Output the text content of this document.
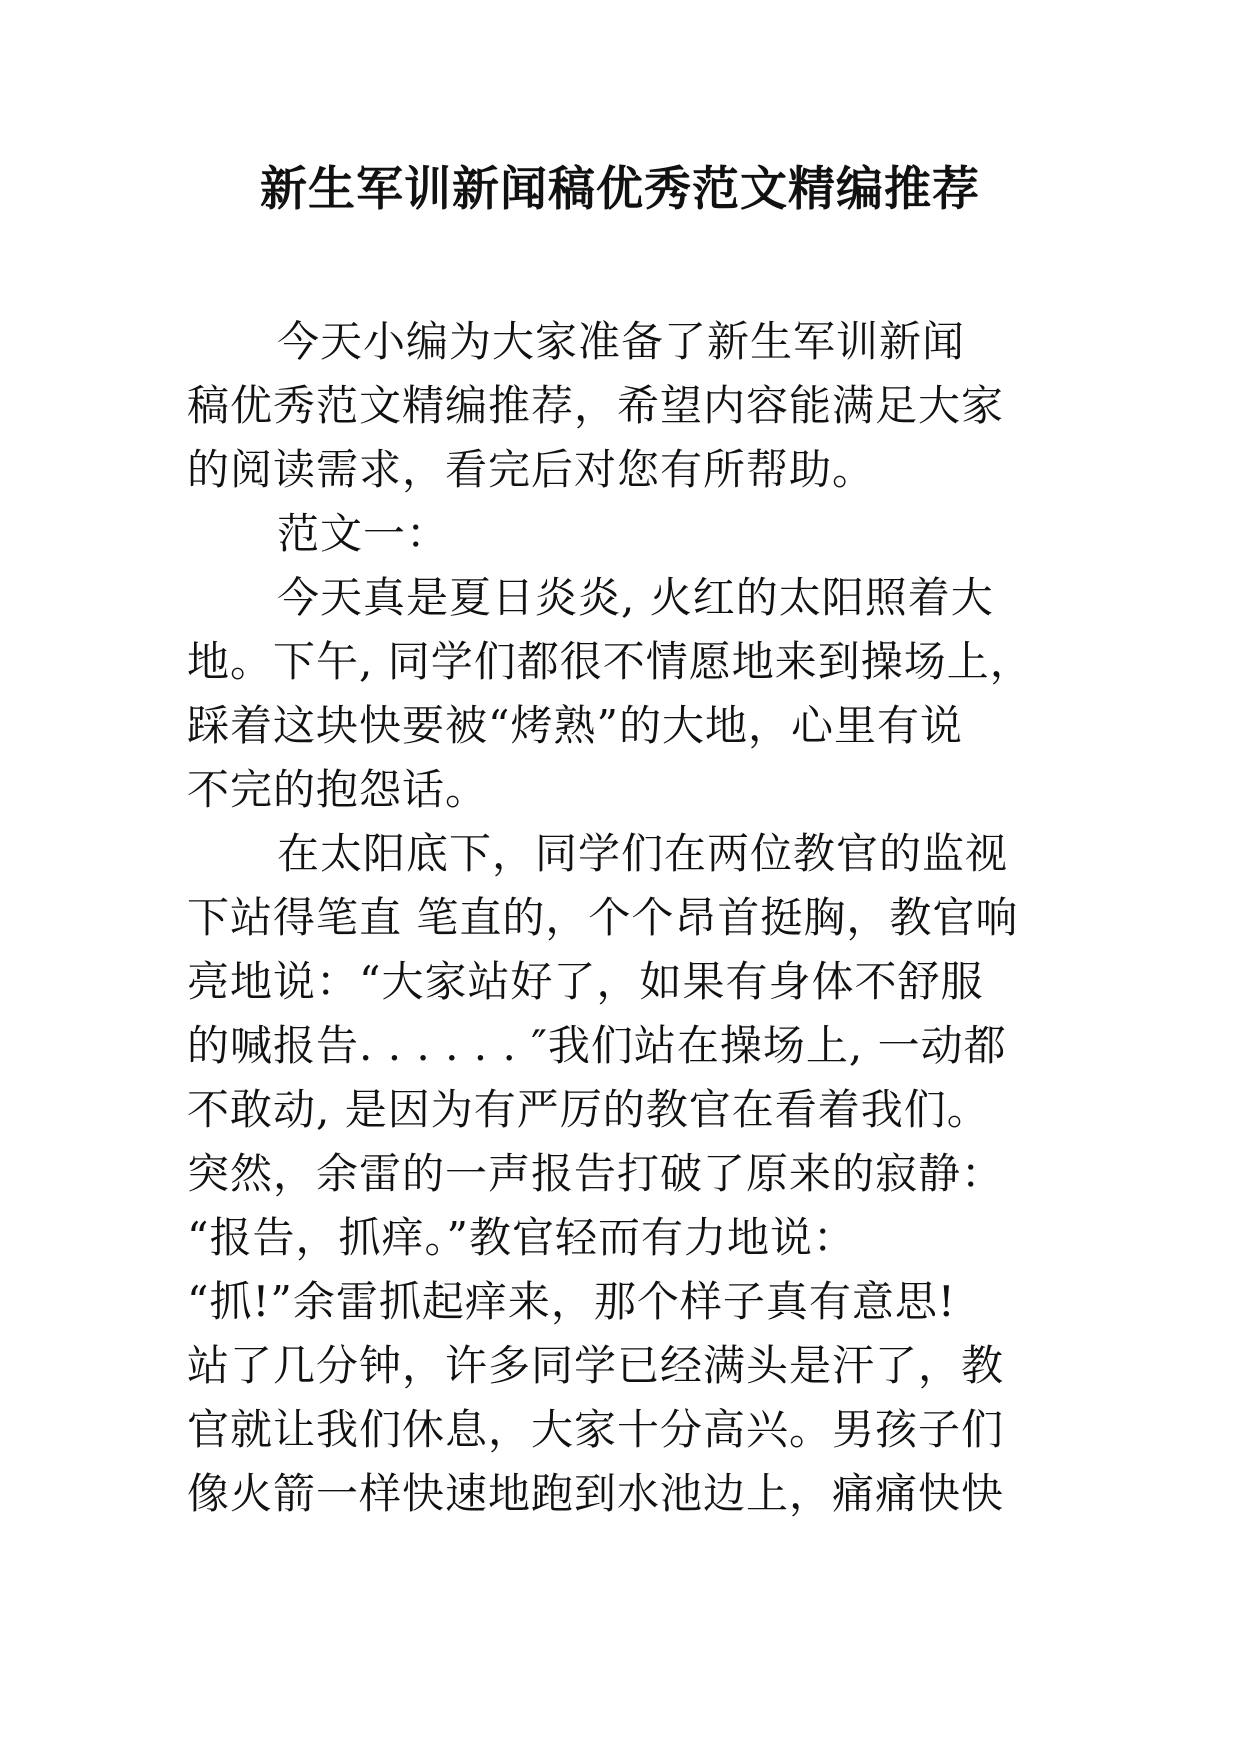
新生军训新闻稿优秀范文精编推荐
今天小编为大家准备了新生军训新闻
稿优秀范文精编推荐，希望内容能满足大家
的阅读需求，看完后对您有所帮助。
范文一：
今天真是夏日炎炎, 火红的太阳照着大
地。下午, 同学们都很不情愿地来到操场上，
踩着这块快要被“烤熟”的大地，心里有说
不完的抱怨话。
在太阳底下，同学们在两位教官的监视
下站得笔直 笔直的，个个昂首挺胸，教官响
亮地说：“大家站好了，如果有身体不舒服
的喊报告. . . . . . ″我们站在操场上, 一动都
不敢动, 是因为有严厉的教官在看着我们。
突然，余雷的一声报告打破了原来的寂静：
“报告，抓痒。”教官轻而有力地说：
“抓!”余雷抓起痒来，那个样子真有意思!
站了几分钟，许多同学已经满头是汗了，教
官就让我们休息，大家十分高兴。男孩子们
像火箭一样快速地跑到水池边上，痛痛快快
